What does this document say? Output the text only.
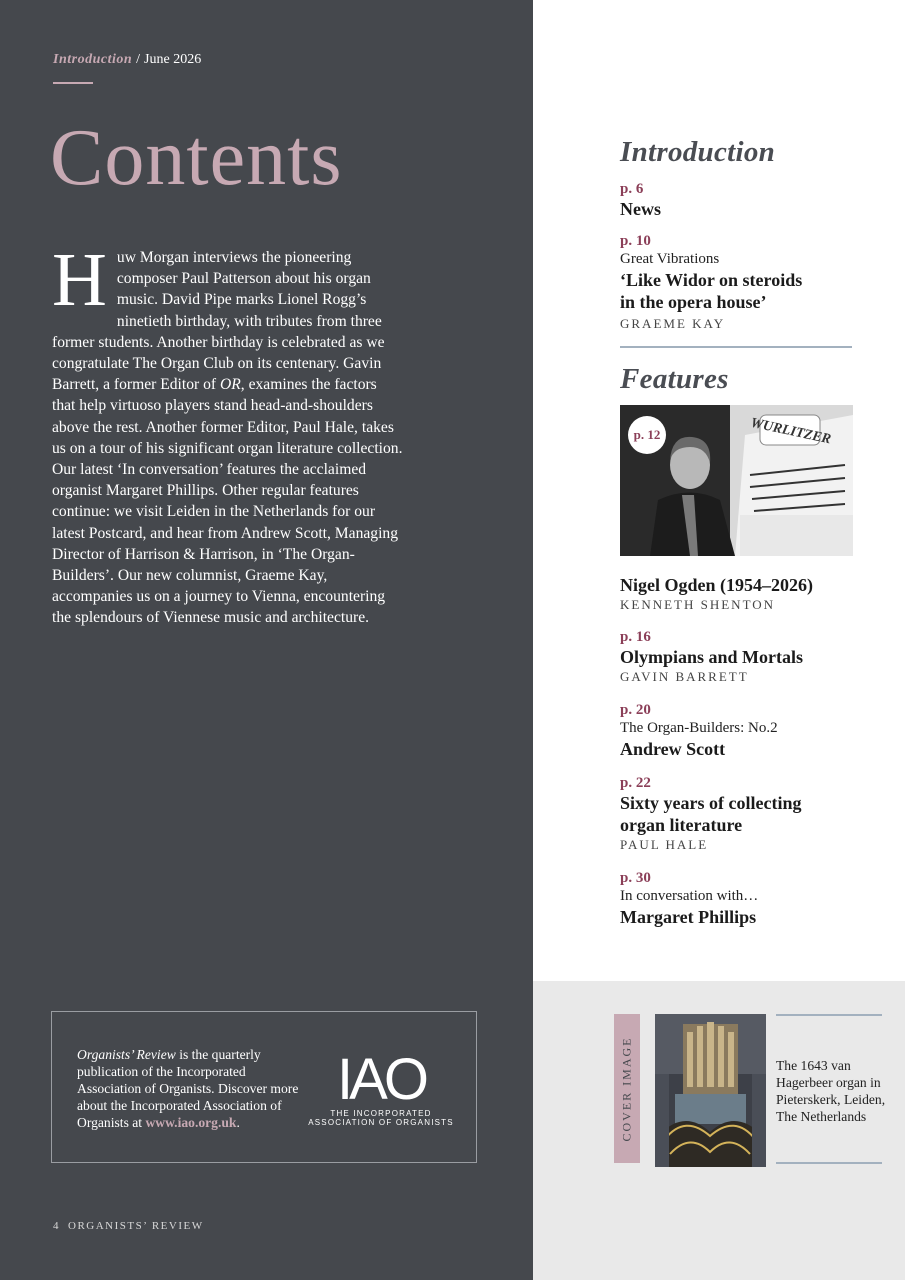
Introduction / June 2026
Contents

Huw Morgan interviews the pioneering composer Paul Patterson about his organ music. David Pipe marks Lionel Rogg’s ninetieth birthday, with tributes from three former students. Another birthday is celebrated as we congratulate The Organ Club on its centenary. Gavin Barrett, a former Editor of OR, examines the factors that help virtuoso players stand head-and-shoulders above the rest. Another former Editor, Paul Hale, takes us on a tour of his significant organ literature collection. Our latest ‘In conversation’ features the acclaimed organist Margaret Phillips. Other regular features continue: we visit Leiden in the Netherlands for our latest Postcard, and hear from Andrew Scott, Managing Director of Harrison & Harrison, in ‘The Organ-Builders’. Our new columnist, Graeme Kay, accompanies us on a journey to Vienna, encountering the splendours of Viennese music and architecture.

Organists’ Review is the quarterly publication of the Incorporated Association of Organists. Discover more about the Incorporated Association of Organists at www.iao.org.uk.

IAO
THE INCORPORATED
ASSOCIATION OF ORGANISTS
4 ORGANISTS’ REVIEW
Introduction
p. 6
News
p. 10
Great Vibrations
‘Like Widor on steroids in the opera house’
GRAEME KAY
Features
WURLITZER
p. 12
Nigel Ogden (1954–2026)
KENNETH SHENTON
p. 16
Olympians and Mortals
GAVIN BARRETT
p. 20
The Organ-Builders: No.2
Andrew Scott
p. 22
Sixty years of collecting organ literature
PAUL HALE
p. 30
In conversation with…
Margaret Phillips
COVER IMAGE	The 1643 van Hagerbeer organ in Pieterskerk, Leiden, The Netherlands
